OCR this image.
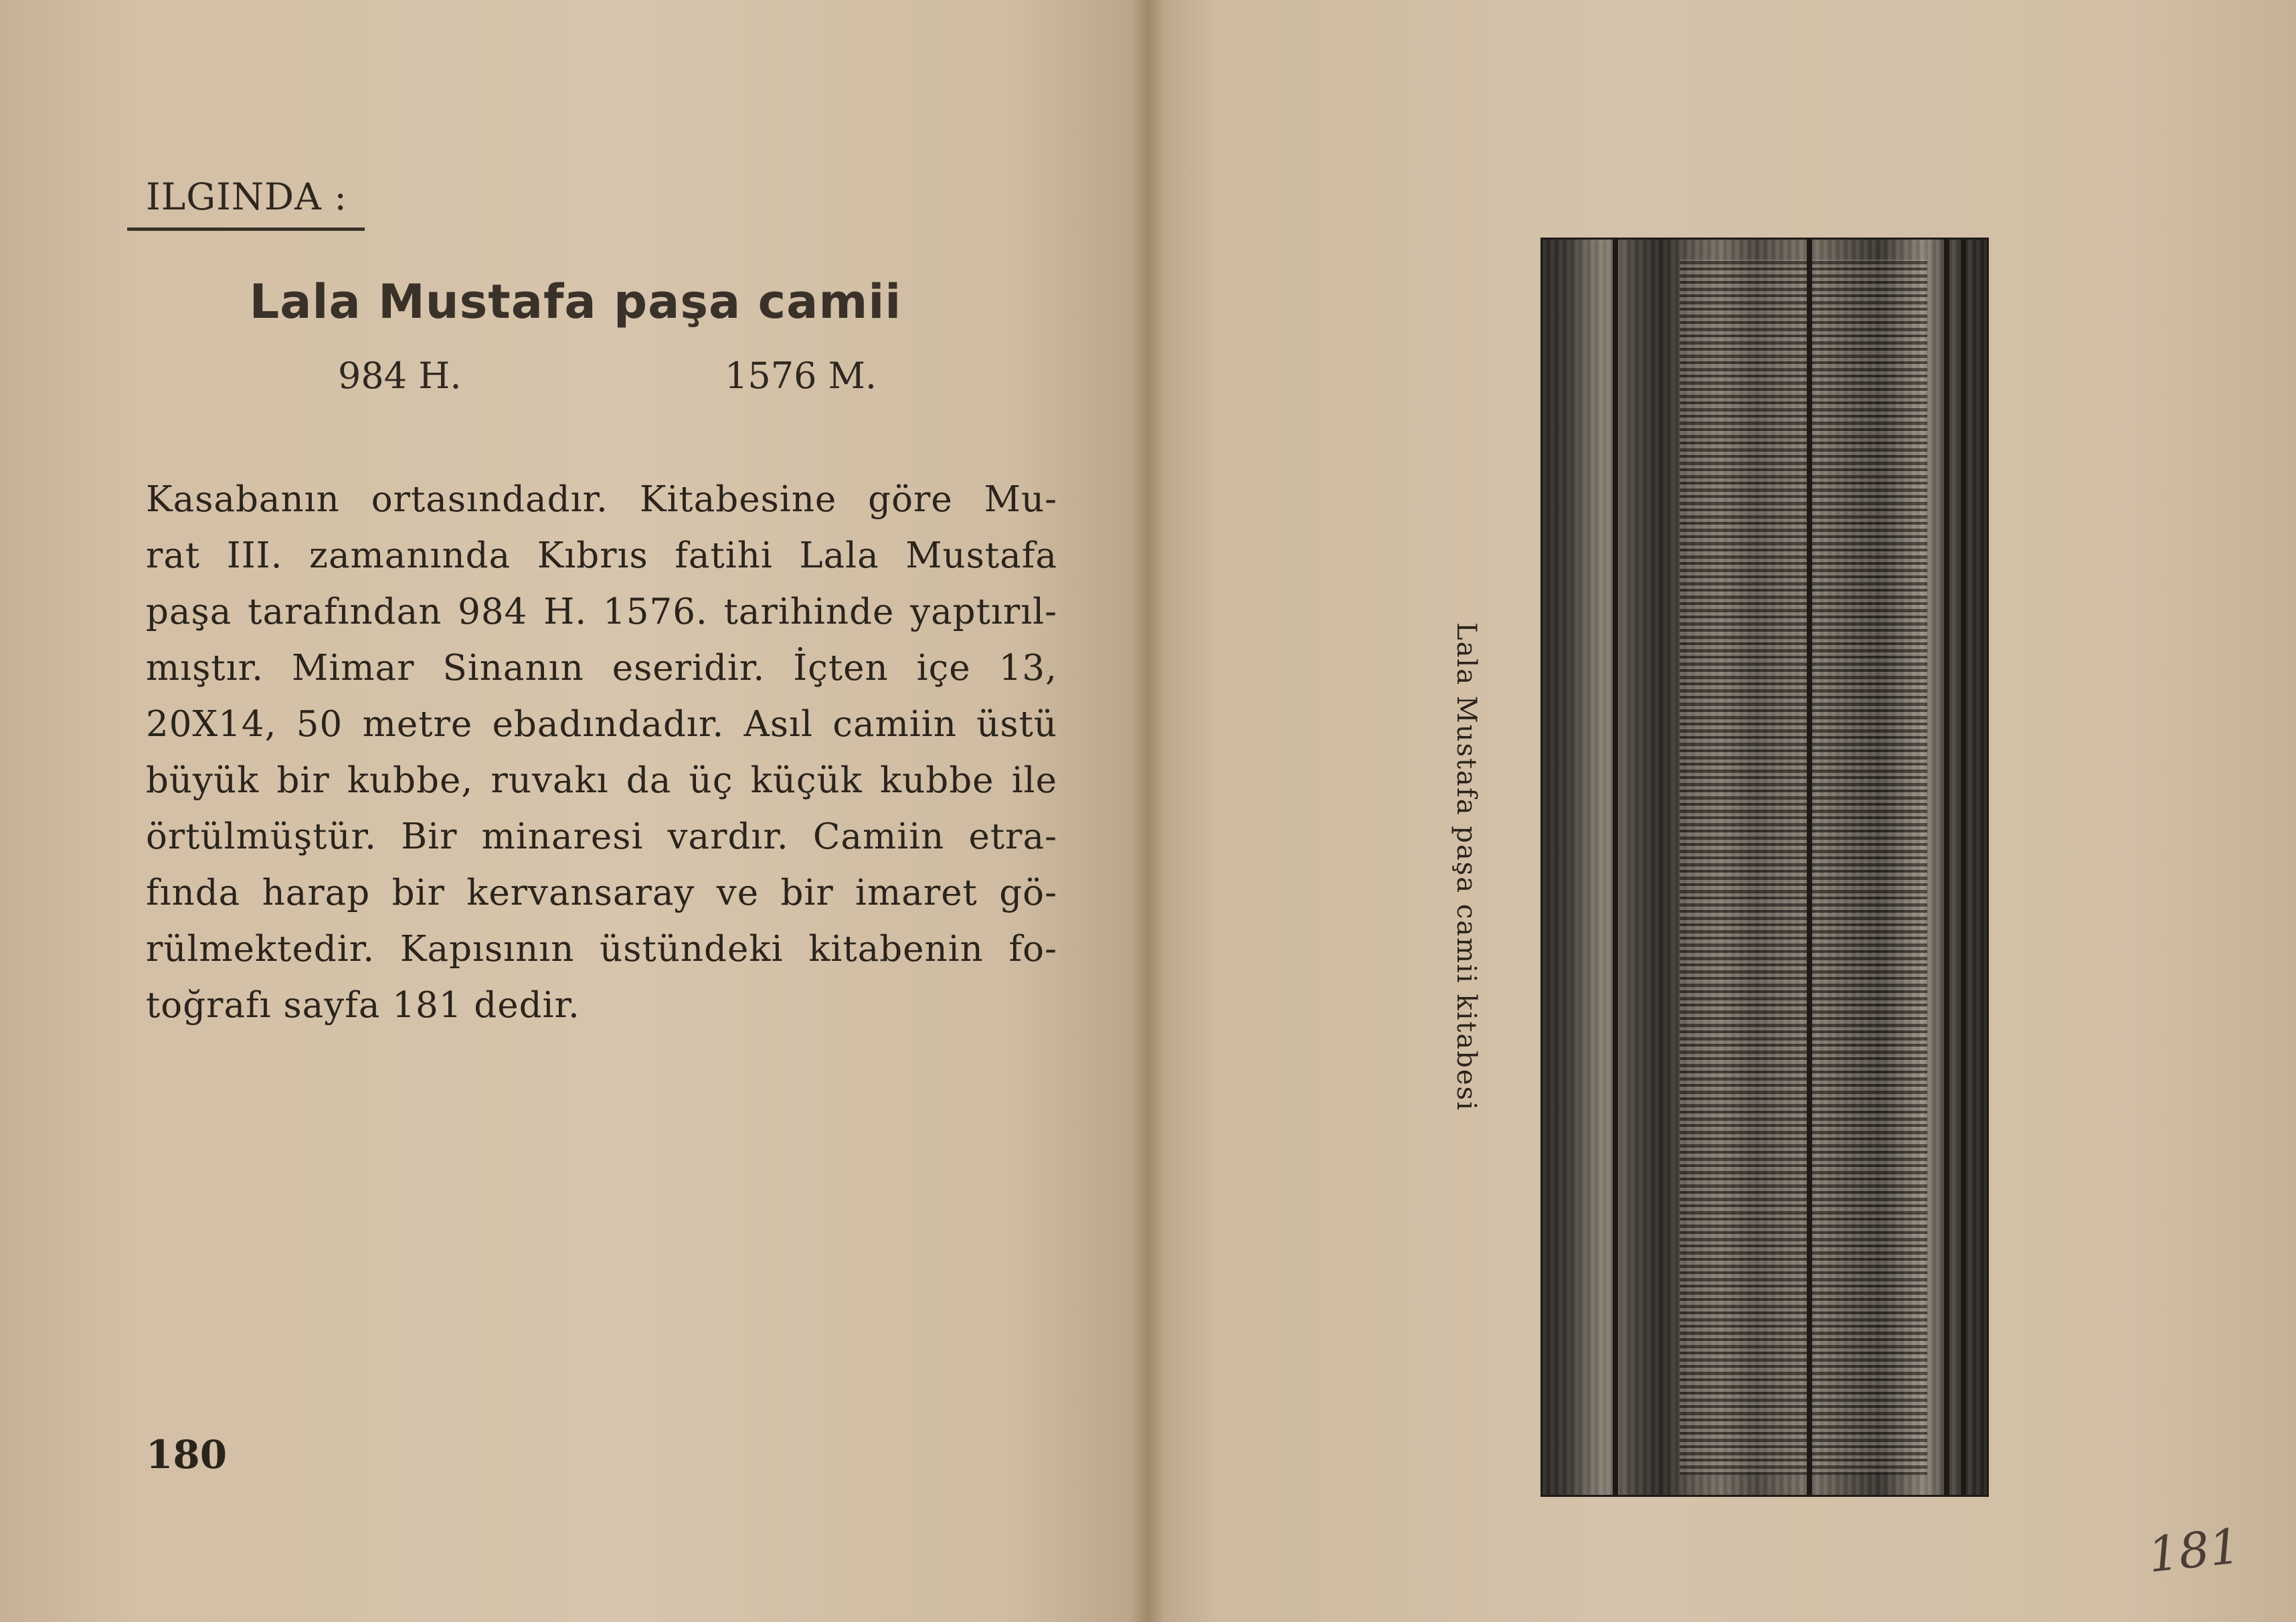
ILGINDA :
Lala Mustafa paşa camii
984 H.	1576 M.
Kasabanın ortasındadır. Kitabesine göre Mu-
rat III. zamanında Kıbrıs fatihi Lala Mustafa
paşa tarafından 984 H. 1576. tarihinde yaptırıl-
mıştır. Mimar Sinanın eseridir. İçten içe 13,
20X14, 50 metre ebadındadır. Asıl camiin üstü
büyük bir kubbe, ruvakı da üç küçük kubbe ile
örtülmüştür. Bir minaresi vardır. Camiin etra-
fında harap bir kervansaray ve bir imaret gö-
rülmektedir. Kapısının üstündeki kitabenin fo-
toğrafı sayfa 181 dedir.
180
Lala Mustafa paşa camii kitabesi
181
